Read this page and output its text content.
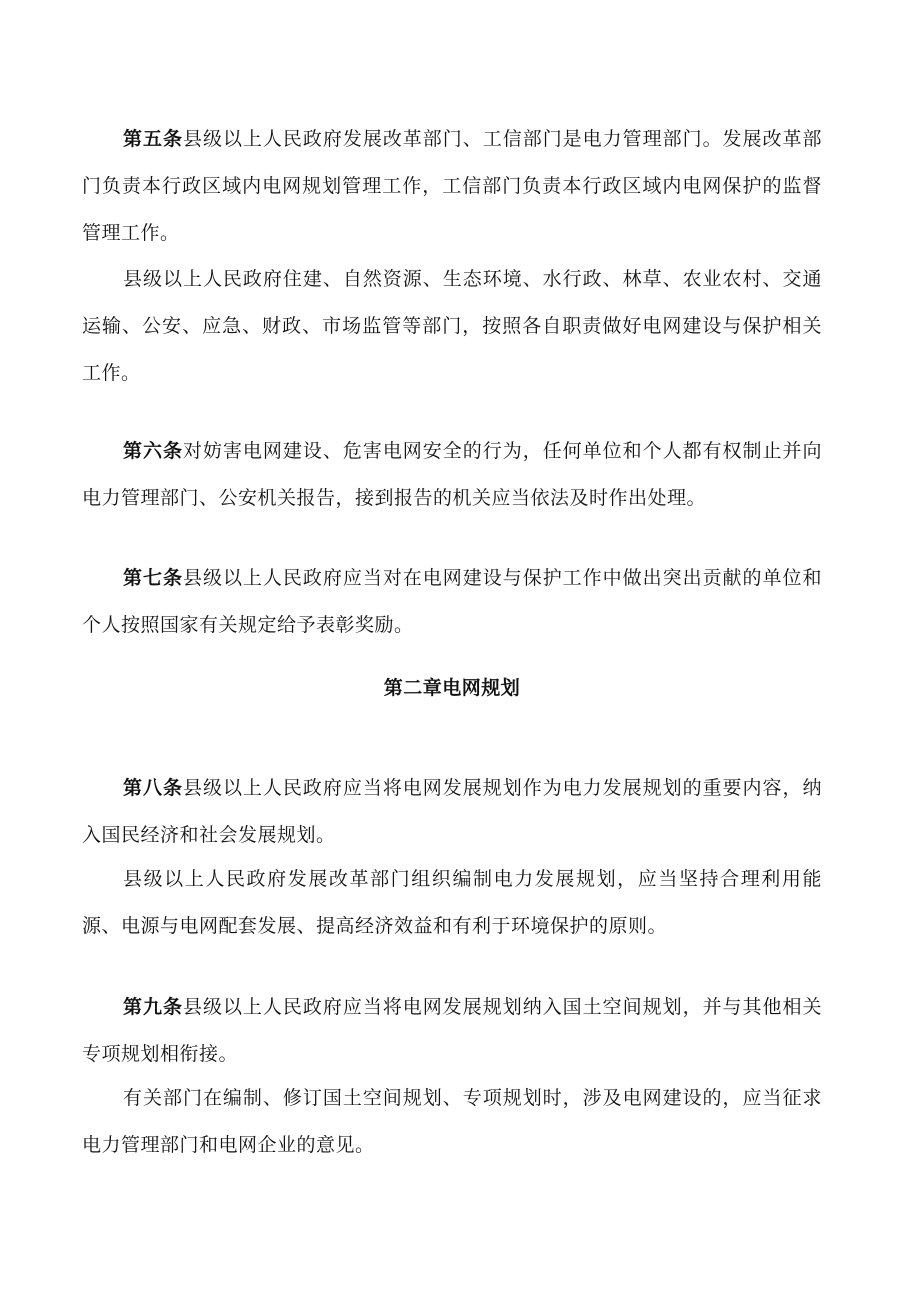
第五条县级以上人民政府发展改革部门、工信部门是电力管理部门。发展改革部门负责本行政区域内电网规划管理工作，工信部门负责本行政区域内电网保护的监督管理工作。

县级以上人民政府住建、自然资源、生态环境、水行政、林草、农业农村、交通运输、公安、应急、财政、市场监管等部门，按照各自职责做好电网建设与保护相关工作。

第六条对妨害电网建设、危害电网安全的行为，任何单位和个人都有权制止并向电力管理部门、公安机关报告，接到报告的机关应当依法及时作出处理。

第七条县级以上人民政府应当对在电网建设与保护工作中做出突出贡献的单位和个人按照国家有关规定给予表彰奖励。

第二章电网规划

第八条县级以上人民政府应当将电网发展规划作为电力发展规划的重要内容，纳入国民经济和社会发展规划。

县级以上人民政府发展改革部门组织编制电力发展规划，应当坚持合理利用能源、电源与电网配套发展、提高经济效益和有利于环境保护的原则。

第九条县级以上人民政府应当将电网发展规划纳入国土空间规划，并与其他相关专项规划相衔接。

有关部门在编制、修订国土空间规划、专项规划时，涉及电网建设的，应当征求电力管理部门和电网企业的意见。
